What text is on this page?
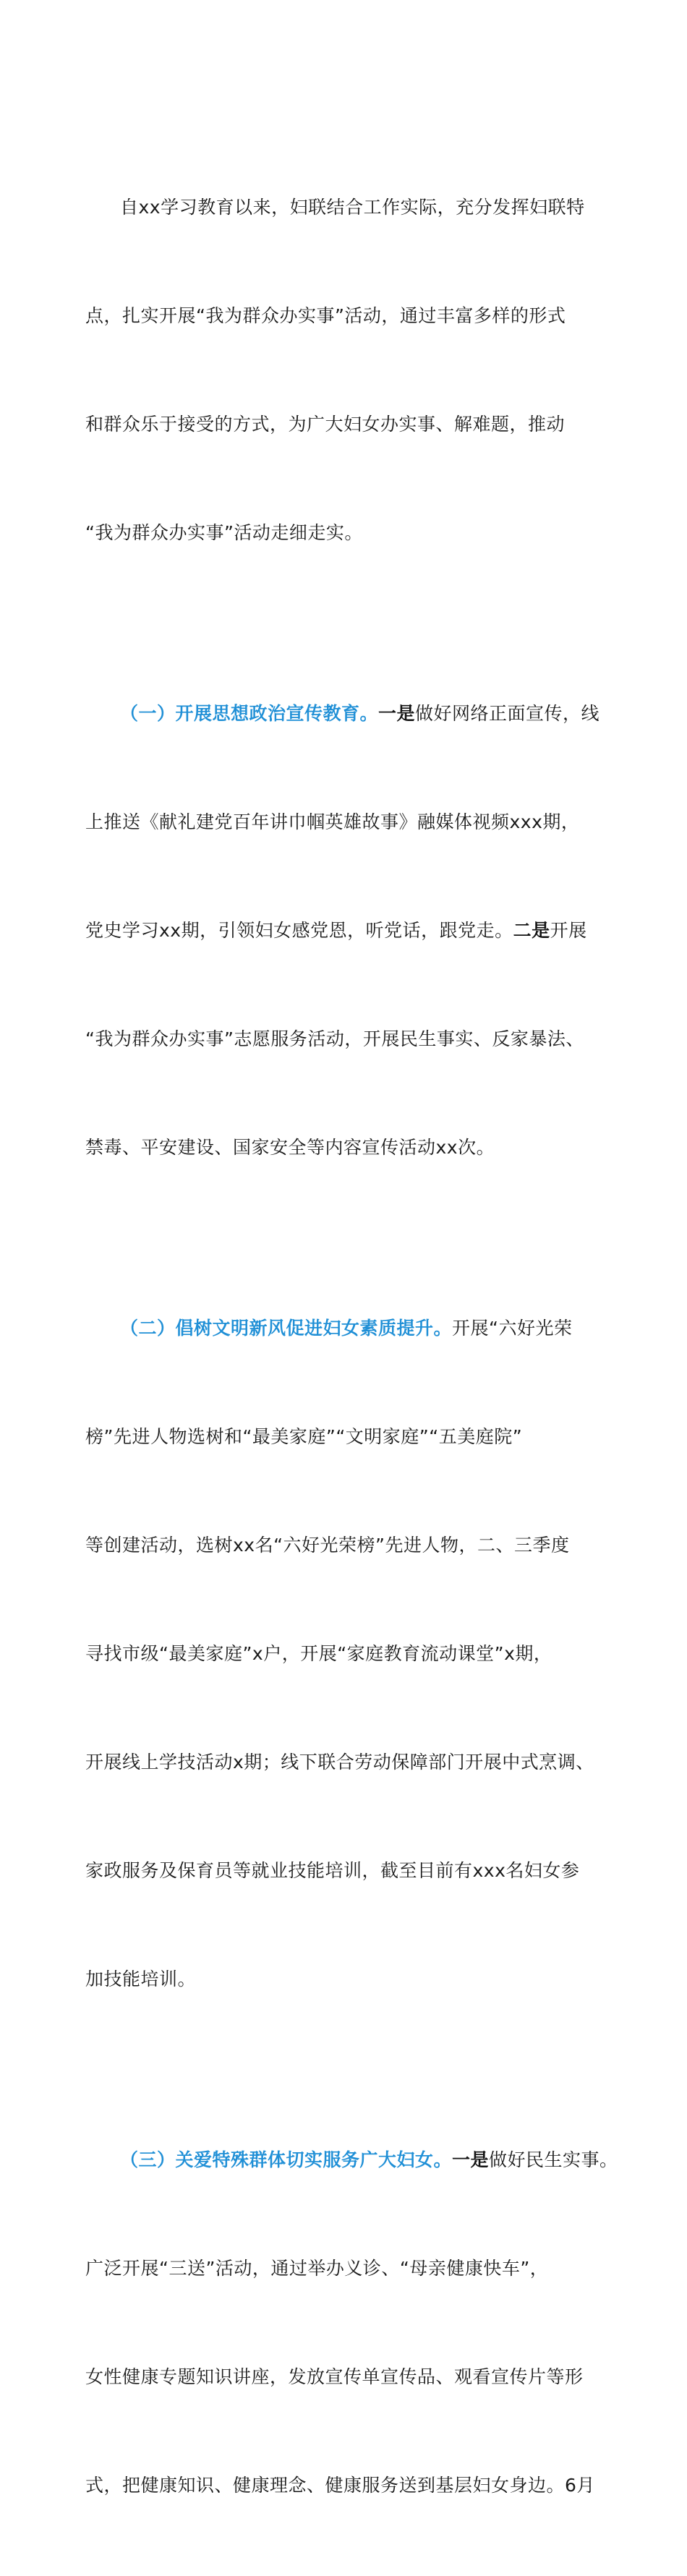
自xx学习教育以来，妇联结合工作实际，充分发挥妇联特

点，扎实开展“我为群众办实事”活动，通过丰富多样的形式

和群众乐于接受的方式，为广大妇女办实事、解难题，推动

“我为群众办实事”活动走细走实。

（一）开展思想政治宣传教育。一是做好网络正面宣传，线

上推送《献礼建党百年讲巾帼英雄故事》融媒体视频xxx期，

党史学习xx期，引领妇女感党恩，听党话，跟党走。二是开展

“我为群众办实事”志愿服务活动，开展民生事实、反家暴法、

禁毒、平安建设、国家安全等内容宣传活动xx次。

（二）倡树文明新风促进妇女素质提升。开展“六好光荣

榜”先进人物选树和“最美家庭”“文明家庭”“五美庭院”

等创建活动，选树xx名“六好光荣榜”先进人物，二、三季度

寻找市级“最美家庭”x户，开展“家庭教育流动课堂”x期，

开展线上学技活动x期；线下联合劳动保障部门开展中式烹调、

家政服务及保育员等就业技能培训，截至目前有xxx名妇女参

加技能培训。

（三）关爱特殊群体切实服务广大妇女。一是做好民生实事。

广泛开展“三送”活动，通过举办义诊、“母亲健康快车”，

女性健康专题知识讲座，发放宣传单宣传品、观看宣传片等形

式，把健康知识、健康理念、健康服务送到基层妇女身边。6月
